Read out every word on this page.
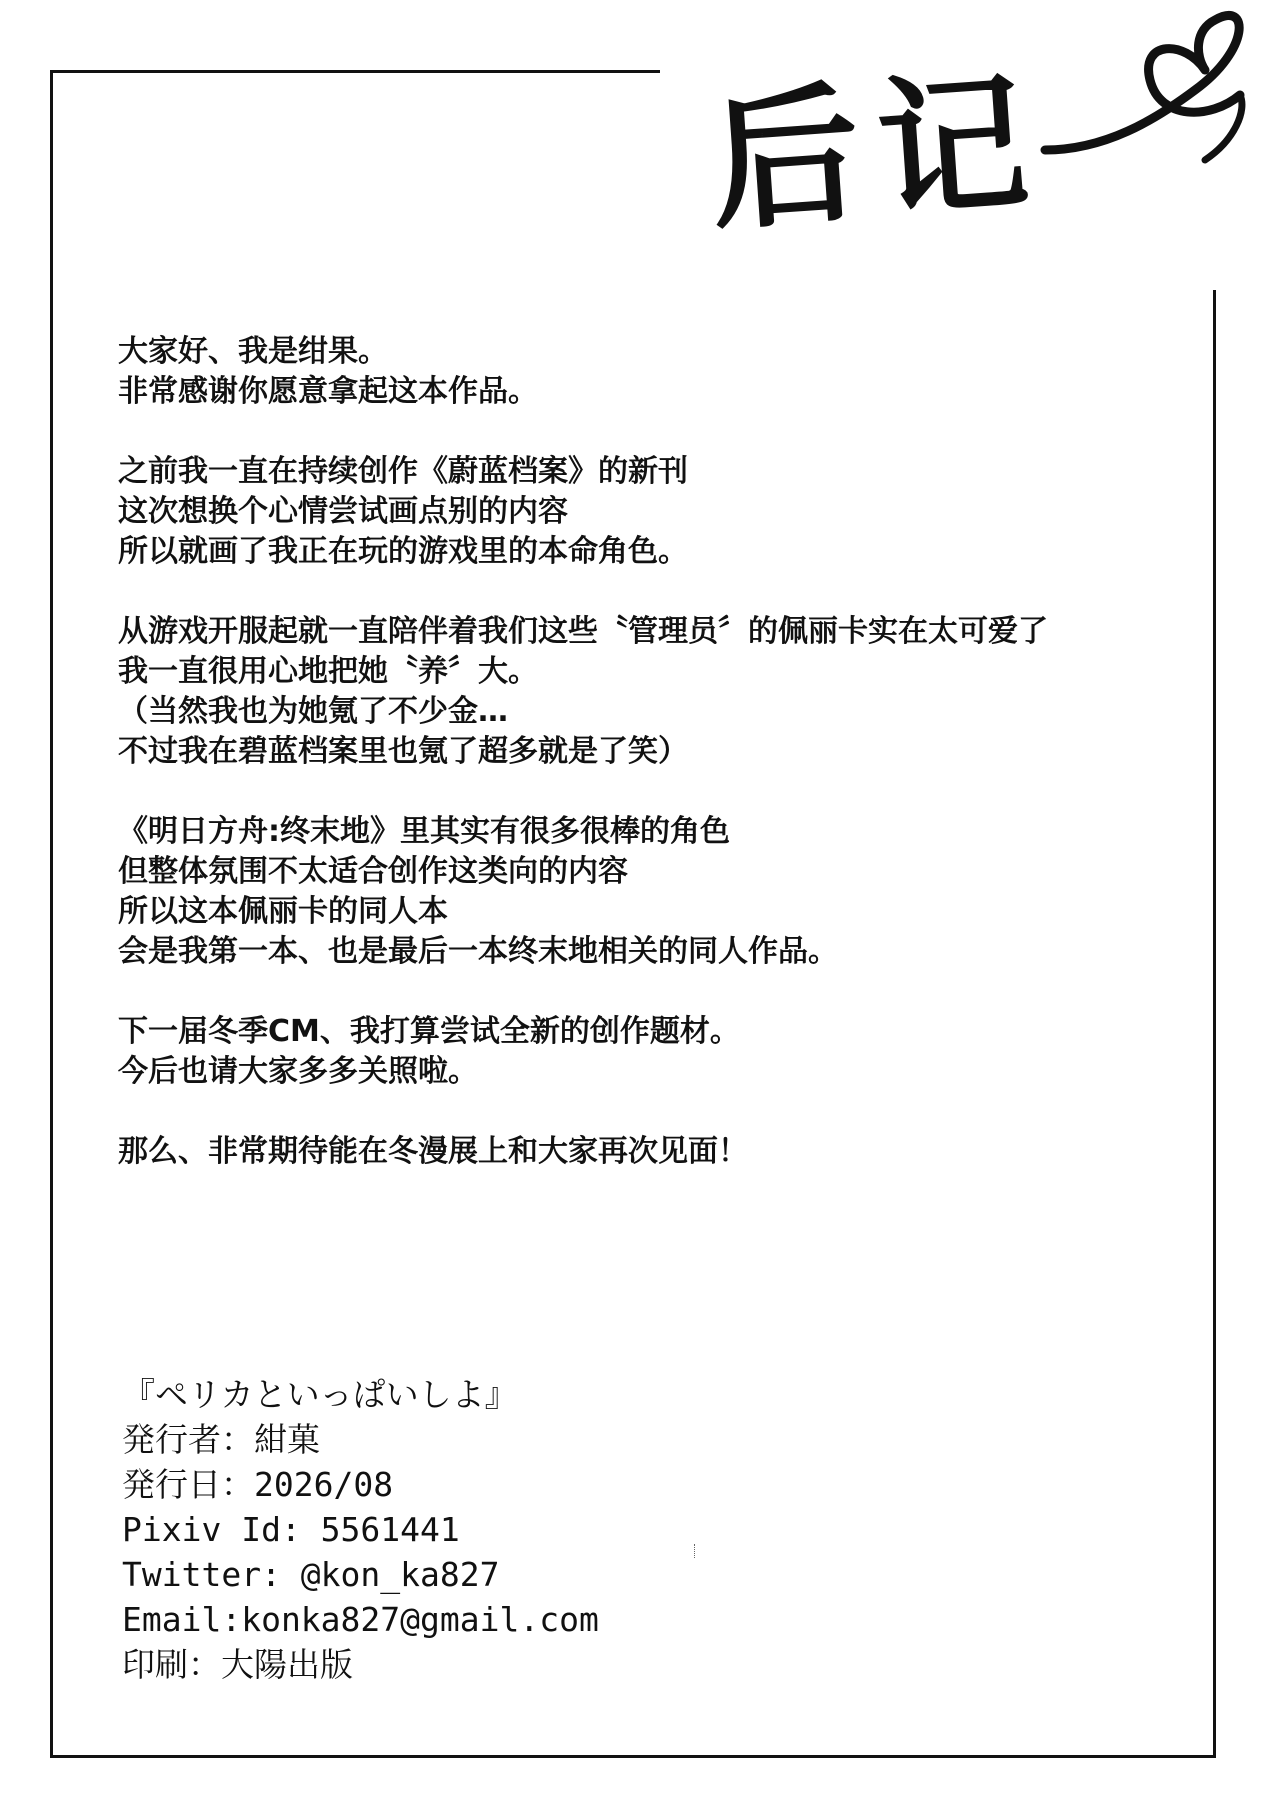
后记
大家好、我是绀果。
非常感谢你愿意拿起这本作品。
之前我一直在持续创作《蔚蓝档案》的新刊
这次想换个心情尝试画点别的内容
所以就画了我正在玩的游戏里的本命角色。
从游戏开服起就一直陪伴着我们这些〝管理员〞的佩丽卡实在太可爱了
我一直很用心地把她〝养〞大。
（当然我也为她氪了不少金…
不过我在碧蓝档案里也氪了超多就是了笑）
《明日方舟:终末地》里其实有很多很棒的角色
但整体氛围不太适合创作这类向的内容
所以这本佩丽卡的同人本
会是我第一本、也是最后一本终末地相关的同人作品。
下一届冬季CM、我打算尝试全新的创作题材。
今后也请大家多多关照啦。
那么、非常期待能在冬漫展上和大家再次见面！
『ペリカといっぱいしよ』
発行者：紺菓
発行日：2026/08
Pixiv Id: 5561441
Twitter: @kon_ka827
Email:konka827@gmail.com
印刷：大陽出版
